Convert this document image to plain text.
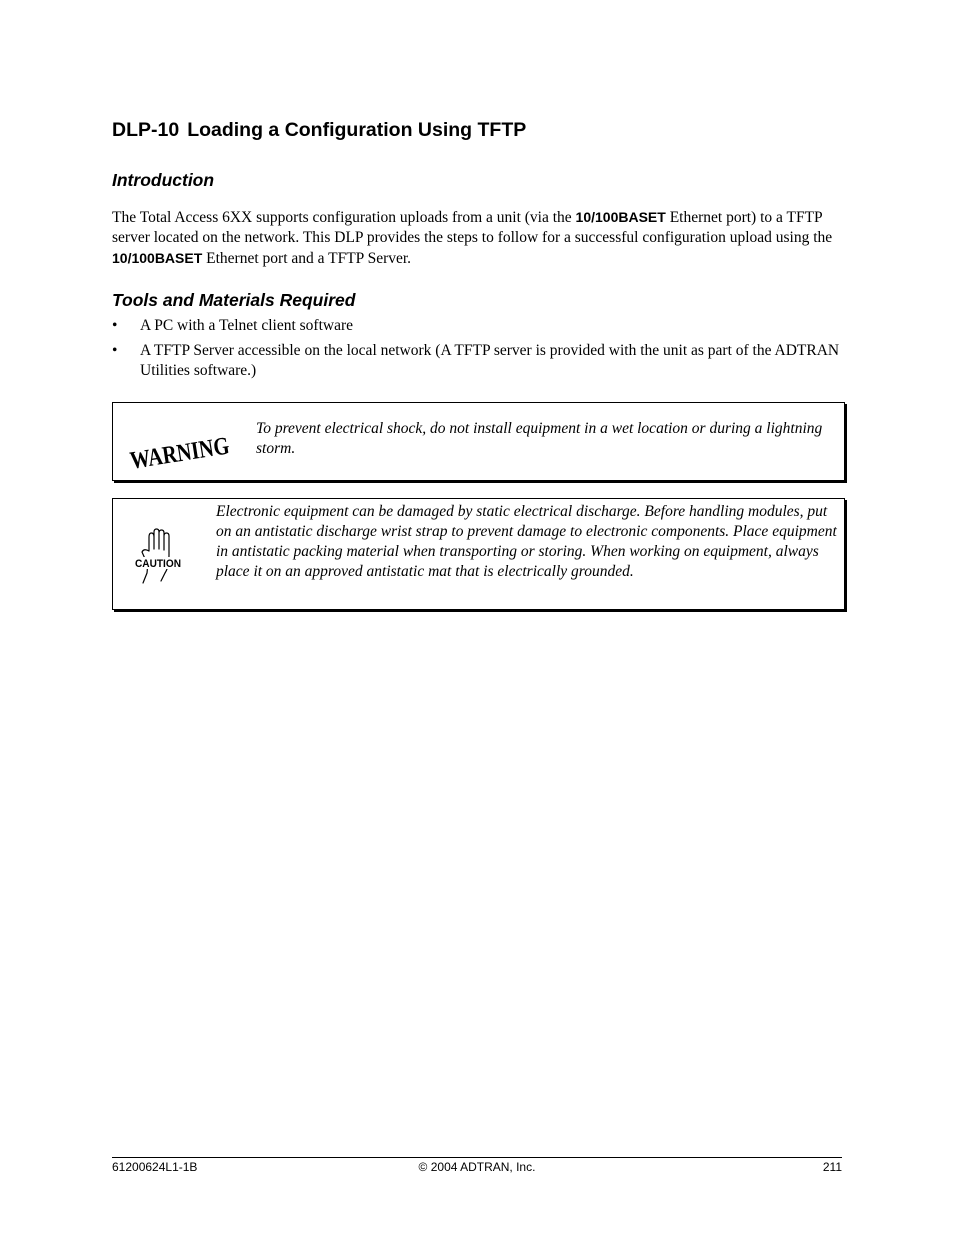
DLP-10 Loading a Configuration Using TFTP
Introduction

The Total Access 6XX supports configuration uploads from a unit (via the 10/100BASET Ethernet port) to a TFTP server located on the network. This DLP provides the steps to follow for a successful configuration upload using the 10/100BASET Ethernet port and a TFTP Server.

Tools and Materials Required
• A PC with a Telnet client software
• A TFTP Server accessible on the local network (A TFTP server is provided with the unit as part of the ADTRAN Utilities software.)
WARNING

To prevent electrical shock, do not install equipment in a wet location or during a lightning storm.

CAUTION

Electronic equipment can be damaged by static electrical discharge. Before handling modules, put on an antistatic discharge wrist strap to prevent damage to electronic components. Place equipment in antistatic packing material when transporting or storing. When working on equipment, always place it on an approved antistatic mat that is electrically grounded.

61200624L1-1B	© 2004 ADTRAN, Inc.	211
